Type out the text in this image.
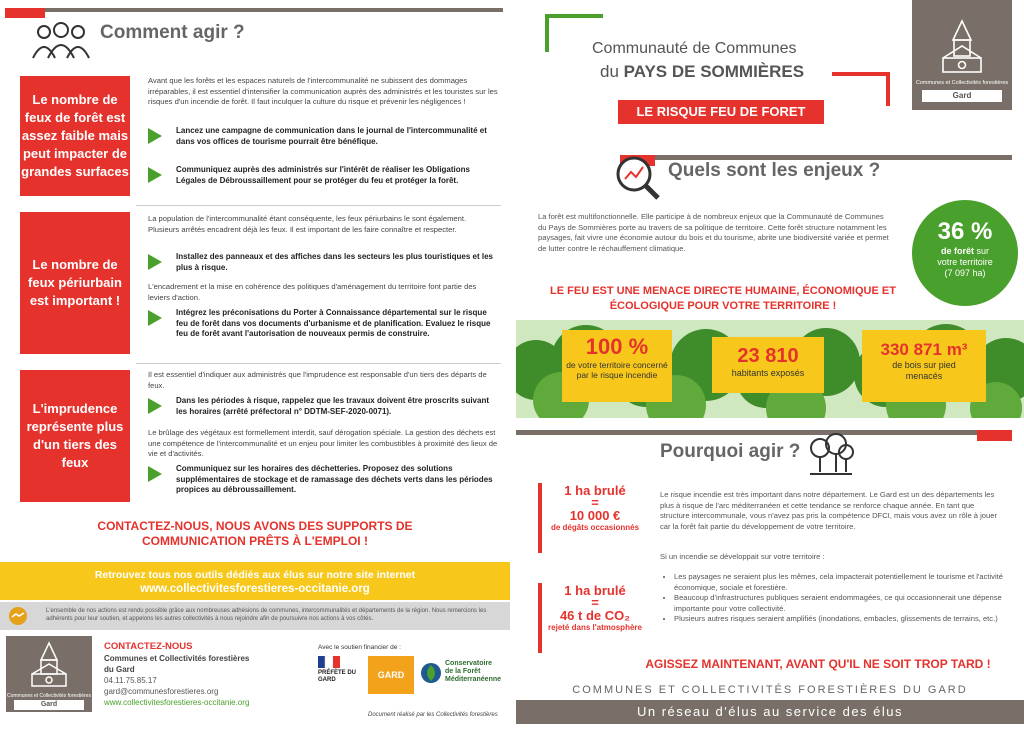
Comment agir ?
Le nombre de feux de forêt est assez faible mais peut impacter de grandes surfaces
Avant que les forêts et les espaces naturels de l'intercommunalité ne subissent des dommages irréparables, il est essentiel d'intensifier la communication auprès des administrés et les touristes sur les risques d'un incendie de forêt. Il faut inculquer la culture du risque et prévenir les négligences !
Lancez une campagne de communication dans le journal de l'intercommunalité et dans vos offices de tourisme pourrait être bénéfique.
Communiquez auprès des administrés sur l'intérêt de réaliser les Obligations Légales de Débroussaillement pour se protéger du feu et protéger la forêt.
Le nombre de feux périurbain est important !
La population de l'intercommunalité étant conséquente, les feux périurbains le sont également. Plusieurs arrêtés encadrent déjà les feux. Il est important de les faire connaître et respecter.
Installez des panneaux et des affiches dans les secteurs les plus touristiques et les plus à risque.
L'encadrement et la mise en cohérence des politiques d'aménagement du territoire font partie des leviers d'action.
Intégrez les préconisations du Porter à Connaissance départemental sur le risque feu de forêt dans vos documents d'urbanisme et de planification. Evaluez le risque feu de forêt avant l'autorisation de nouveaux permis de construire.
L'imprudence représente plus d'un tiers des feux
Il est essentiel d'indiquer aux administrés que l'imprudence est responsable d'un tiers des départs de feux.
Dans les périodes à risque, rappelez que les travaux doivent être proscrits suivant les horaires (arrêté préfectoral n° DDTM-SEF-2020-0071).
Le brûlage des végétaux est formellement interdit, sauf dérogation spéciale. La gestion des déchets est une compétence de l'intercommunalité et un enjeu pour limiter les combustibles à proximité des lieux de vie et d'activités.
Communiquez sur les horaires des déchetteries. Proposez des solutions supplémentaires de stockage et de ramassage des déchets verts dans les périodes propices au débroussaillement.
CONTACTEZ-NOUS, NOUS AVONS DES SUPPORTS DE COMMUNICATION PRÊTS À L'EMPLOI !
Retrouvez tous nos outils dédiés aux élus sur notre site internet
www.collectivitesforestieres-occitanie.org
L'ensemble de nos actions est rendu possible grâce aux nombreuses adhésions de communes, intercommunalités et départements de la région. Nous remercions les adhérents pour leur soutien, et appelons les autres collectivités à nous rejoindre afin de poursuivre nos actions à vos côtés.
Communes et Collectivités forestières
Gard
CONTACTEZ-NOUS
Communes et Collectivités forestières
du Gard
04.11.75.85.17
gard@communesforestieres.org
www.collectivitesforestieres-occitanie.org
Avec le soutien financier de :
PRÉFÈTE DU GARD	GARD
Conservatoire
de la Forêt
Méditerranéenne
Document réalisé par les Collectivités forestières
Communauté de Communes
du PAYS DE SOMMIÈRES
Communes et Collectivités forestières
Gard
LE RISQUE FEU DE FORET
Quels sont les enjeux ?
La forêt est multifonctionnelle. Elle participe à de nombreux enjeux que la Communauté de Communes du Pays de Sommières porte au travers de sa politique de territoire. Cette forêt structure notamment les paysages, fait vivre une économie autour du bois et du tourisme, abrite une biodiversité variée et permet de lutter contre le réchauffement climatique.
36 %
de forêt sur
votre territoire
(7 097 ha)
LE FEU EST UNE MENACE DIRECTE HUMAINE, ÉCONOMIQUE ET ÉCOLOGIQUE POUR VOTRE TERRITOIRE !
100 %
de votre territoire concerné par le risque incendie
23 810
habitants exposés
330 871 m³
de bois sur pied menacés
Pourquoi agir ?
1 ha brulé
=
10 000 €
de dégâts occasionnés
1 ha brulé
=
46 t de CO₂
rejeté dans l'atmosphère
Le risque incendie est très important dans notre département. Le Gard est un des départements les plus à risque de l'arc méditerranéen et cette tendance se renforce chaque année. En tant que structure intercommunale, vous n'avez pas pris la compétence DFCI, mais vous avez un rôle à jouer car la forêt fait partie du développement de votre territoire.
Si un incendie se développait sur votre territoire :
• Les paysages ne seraient plus les mêmes, cela impacterait potentiellement le tourisme et l'activité économique, sociale et forestière.
• Beaucoup d'infrastructures publiques seraient endommagées, ce qui occasionnerait une dépense importante pour votre collectivité.
• Plusieurs autres risques seraient amplifiés (inondations, embacles, glissements de terrains, etc.)
AGISSEZ MAINTENANT, AVANT QU'IL NE SOIT TROP TARD !
COMMUNES ET COLLECTIVITÉS FORESTIÈRES DU GARD
Un réseau d'élus au service des élus
